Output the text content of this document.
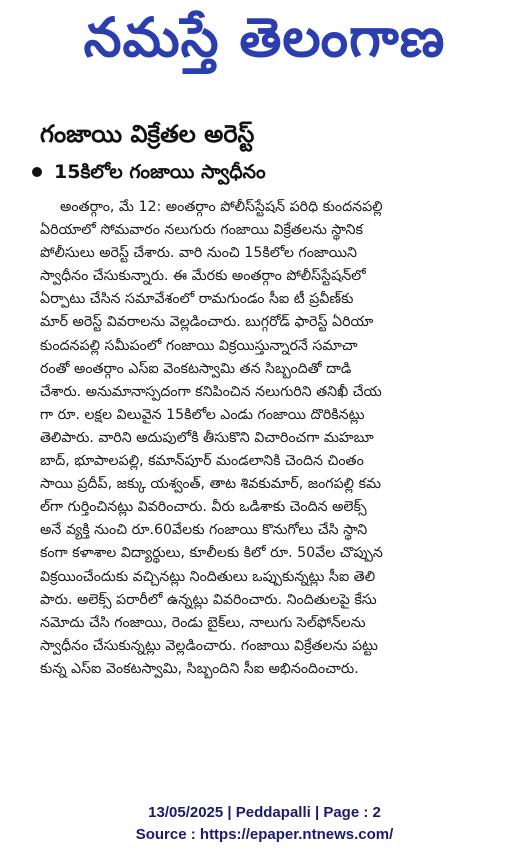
నమస్తే తెలంగాణ
గంజాయి విక్రేతల అరెస్ట్
15కిలోల గంజాయి స్వాధీనం
అంతర్గాం, మే 12: అంతర్గాం పోలీస్‌స్టేషన్ పరిధి కుందనపల్లి
ఏరియాలో సోమవారం నలుగురు గంజాయి విక్రేతలను స్థానిక
పోలీసులు అరెస్ట్ చేశారు. వారి నుంచి 15కిలోల గంజాయిని
స్వాధీనం చేసుకున్నారు. ఈ మేరకు అంతర్గాం పోలీస్‌స్టేషన్‌లో
ఏర్పాటు చేసిన సమావేశంలో రామగుండం సీఐ టీ ప్రవీణ్‌కు
మార్ అరెస్ట్ వివరాలను వెల్లడించారు. బుగ్గరోడ్ ఫారెస్ట్ ఏరియా
కుందనపల్లి సమీపంలో గంజాయి విక్రయిస్తున్నారనే సమాచా
రంతో అంతర్గాం ఎస్ఐ వెంకటస్వామి తన సిబ్బందితో దాడి
చేశారు. అనుమానాస్పదంగా కనిపించిన నలుగురిని తనిఖీ చేయ
గా రూ. లక్షల విలువైన 15కిలోల ఎండు గంజాయి దొరికినట్లు
తెలిపారు. వారిని అదుపులోకి తీసుకొని విచారించగా మహబూ
బాద్, భూపాలపల్లి, కమాన్‌పూర్ మండలానికి చెందిన చింతం
సాయి ప్రదీప్, జక్కు యశ్వంత్, తాట శివకుమార్, జంగపల్లి కమ
ల్‌గా గుర్తించినట్లు వివరించారు. వీరు ఒడిశాకు చెందిన అలెక్స్
అనే వ్యక్తి నుంచి రూ.60వేలకు గంజాయి కొనుగోలు చేసి స్థాని
కంగా కళాశాల విద్యార్థులు, కూలీలకు కిలో రూ. 50వేల చొప్పున
విక్రయించేందుకు వచ్చినట్లు నిందితులు ఒప్పుకున్నట్లు సీఐ తెలి
పారు. అలెక్స్ పరారీలో ఉన్నట్లు వివరించారు. నిందితులపై కేసు
నమోదు చేసి గంజాయి, రెండు బైక్‌లు, నాలుగు సెల్‌ఫోన్‌లను
స్వాధీనం చేసుకున్నట్లు వెల్లడించారు. గంజాయి విక్రేతలను పట్టు
కున్న ఎస్ఐ వెంకటస్వామి, సిబ్బందిని సీఐ అభినందించారు.
13/05/2025 | Peddapalli | Page : 2
Source : https://epaper.ntnews.com/
